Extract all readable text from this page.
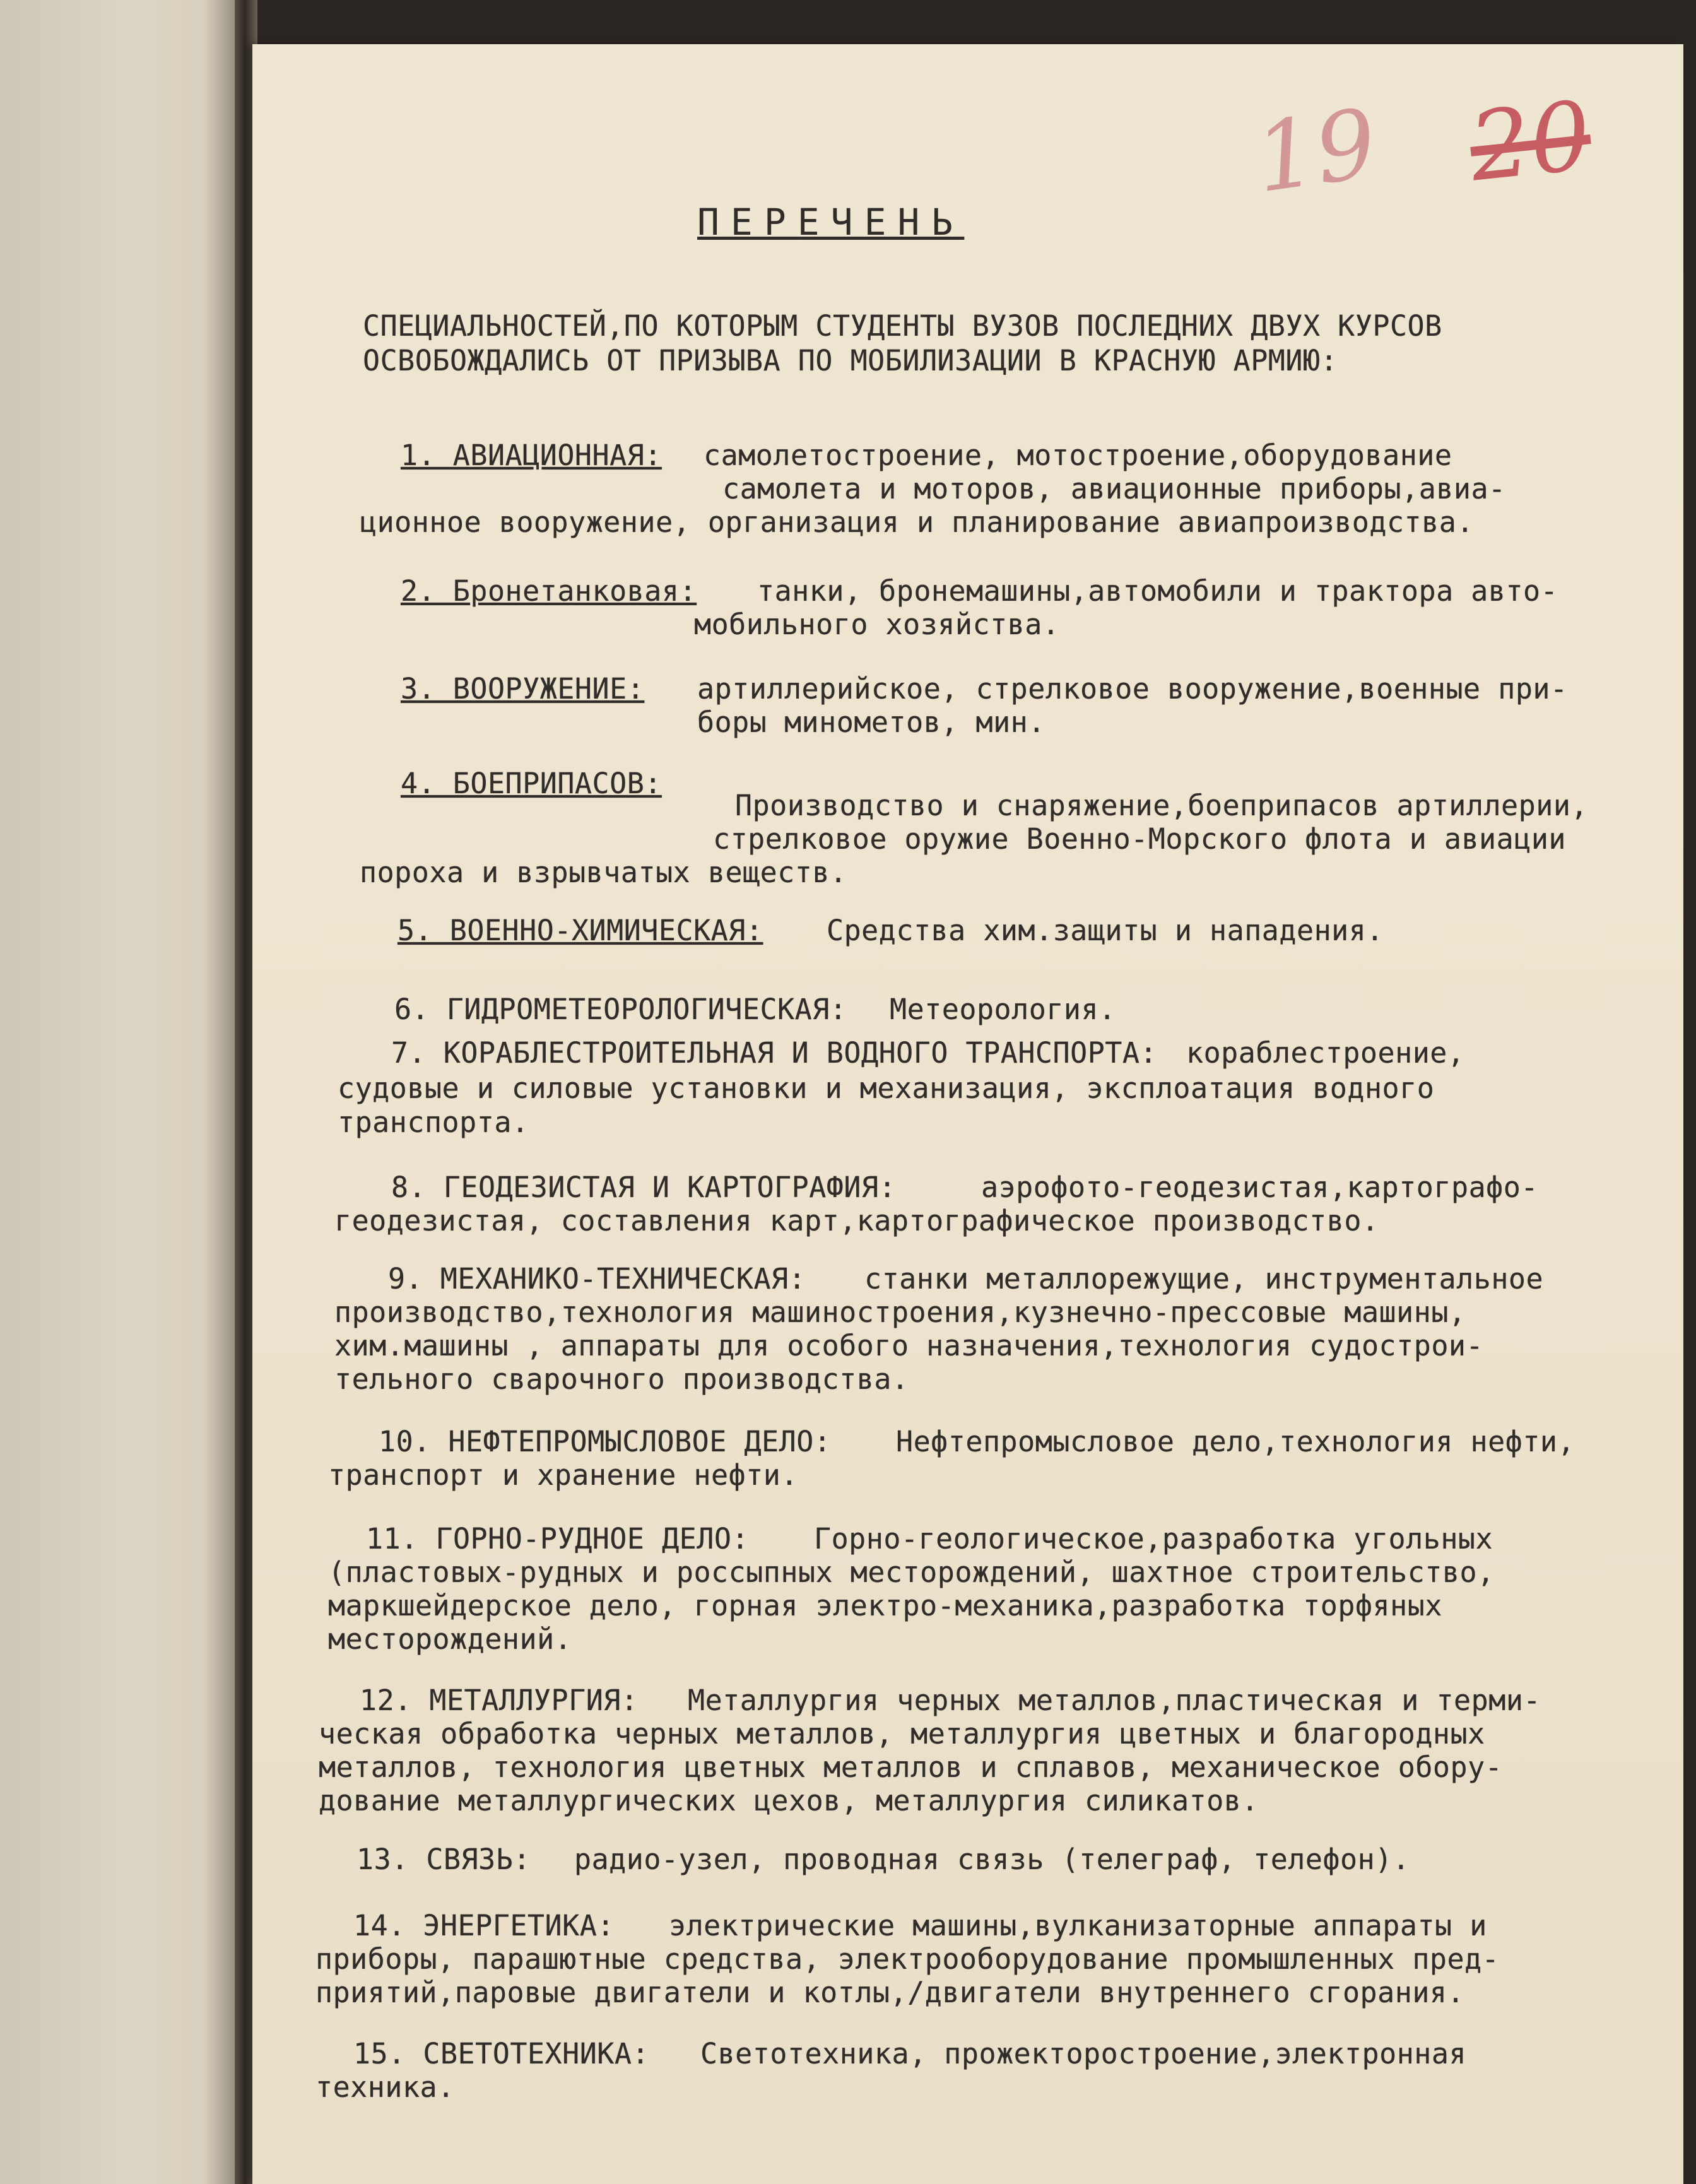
19 20
ПЕРЕЧЕНЬ
СПЕЦИАЛЬНОСТЕЙ,ПО КОТОРЫМ СТУДЕНТЫ ВУЗОВ ПОСЛЕДНИХ ДВУХ КУРСОВ
ОСВОБОЖДАЛИСЬ ОТ ПРИЗЫВА ПО МОБИЛИЗАЦИИ В КРАСНУЮ АРМИЮ:
1. АВИАЦИОННАЯ: самолетостроение, мотостроение,оборудование
самолета и моторов, авиационные приборы,авиа-
ционное вооружение, организация и планирование авиапроизводства.
2. Бронетанковая: танки, бронемашины,автомобили и трактора авто-
мобильного хозяйства.
3. ВООРУЖЕНИЕ: артиллерийское, стрелковое вооружение,военные при-
боры минометов, мин.
4. БОЕПРИПАСОВ:
Производство и снаряжение,боеприпасов артиллерии,
стрелковое оружие Военно-Морского флота и авиации
пороха и взрывчатых веществ.
5. ВОЕННО-ХИМИЧЕСКАЯ: Средства хим.защиты и нападения.
6. ГИДРОМЕТЕОРОЛОГИЧЕСКАЯ: Метеорология.
7. КОРАБЛЕСТРОИТЕЛЬНАЯ И ВОДНОГО ТРАНСПОРТА: кораблестроение,
судовые и силовые установки и механизация, эксплоатация водного
транспорта.
8. ГЕОДЕЗИСТАЯ И КАРТОГРАФИЯ:	аэрофото-геодезистая,картографо-
геодезистая, составления карт,картографическое производство.
9. МЕХАНИКО-ТЕХНИЧЕСКАЯ: станки металлорежущие, инструментальное
производство,технология машиностроения,кузнечно-прессовые машины,
хим.машины , аппараты для особого назначения,технология судострои-
тельного сварочного производства.
10. НЕФТЕПРОМЫСЛОВОЕ ДЕЛО: Нефтепромысловое дело,технология нефти,
транспорт и хранение нефти.
11. ГОРНО-РУДНОЕ ДЕЛО: Горно-геологическое,разработка угольных
(пластовых-рудных и россыпных месторождений, шахтное строительство,
маркшейдерское дело, горная электро-механика,разработка торфяных
месторождений.
12. МЕТАЛЛУРГИЯ: Металлургия черных металлов,пластическая и терми-
ческая обработка черных металлов, металлургия цветных и благородных
металлов, технология цветных металлов и сплавов, механическое обору-
дование металлургических цехов, металлургия силикатов.
13. СВЯЗЬ: радио-узел, проводная связь (телеграф, телефон).
14. ЭНЕРГЕТИКА: электрические машины,вулканизаторные аппараты и
приборы, парашютные средства, электрооборудование промышленных пред-
приятий,паровые двигатели и котлы,/двигатели внутреннего сгорания.
15. СВЕТОТЕХНИКА: Светотехника, прожекторостроение,электронная
техника.
